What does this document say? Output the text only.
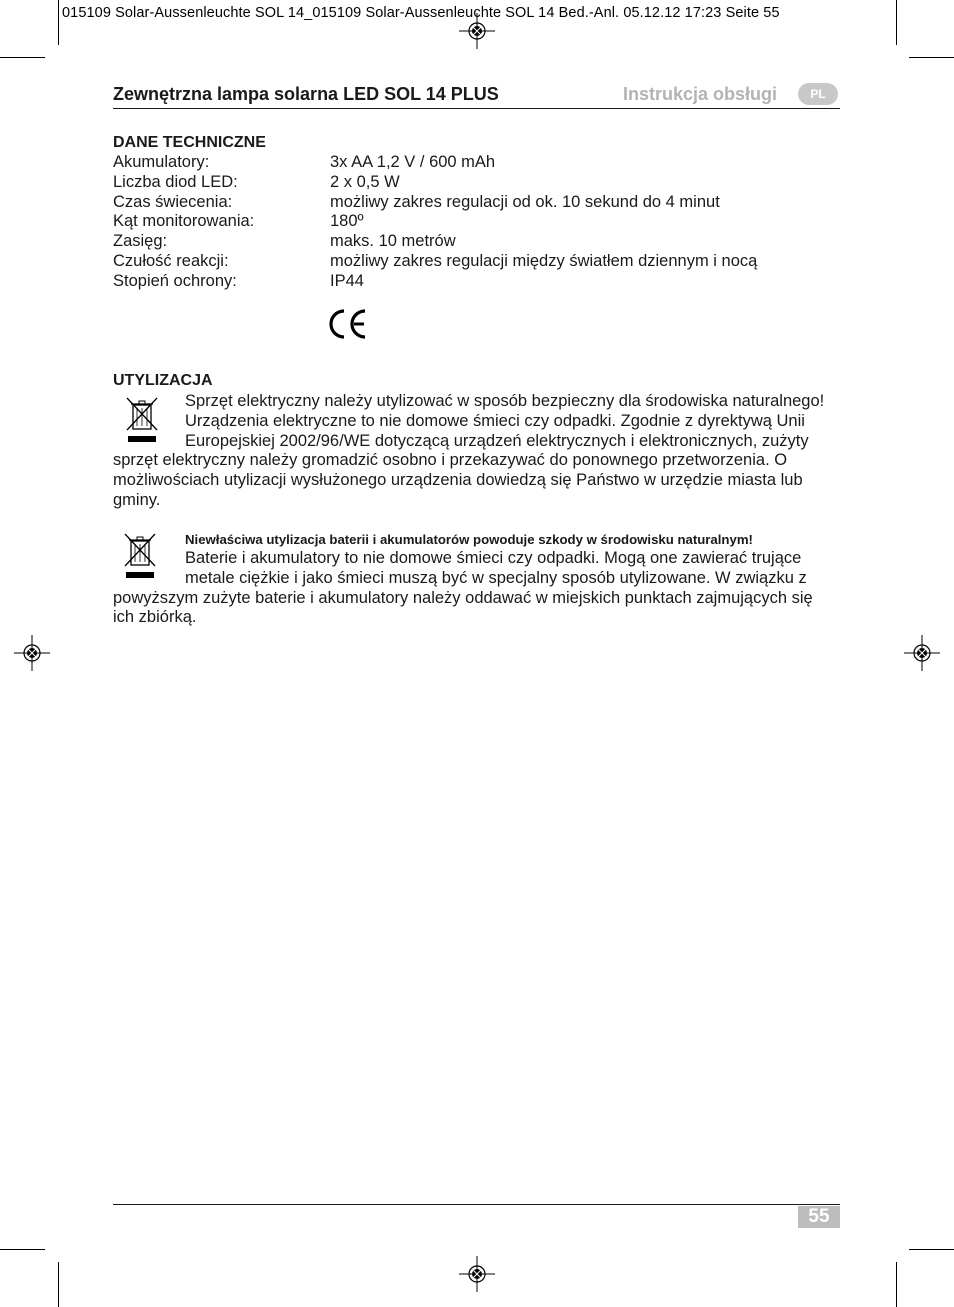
015109 Solar-Aussenleuchte SOL 14_015109 Solar-Aussenleuchte SOL 14 Bed.-Anl. 05.12.12 17:23 Seite 55
Zewnętrzna lampa solarna LED SOL 14 PLUS	Instrukcja obsługi	PL
DANE TECHNICZNE
Akumulatory:	3x AA 1,2 V / 600 mAh
Liczba diod LED:	2 x 0,5 W
Czas świecenia:	możliwy zakres regulacji od ok. 10 sekund do 4 minut
Kąt monitorowania:	180º
Zasięg:	maks. 10 metrów
Czułość reakcji:	możliwy zakres regulacji między światłem dziennym i nocą
Stopień ochrony:	IP44
UTYLIZACJA
Sprzęt elektryczny należy utylizować w sposób bezpieczny dla środowiska naturalnego!
Urządzenia elektryczne to nie domowe śmieci czy odpadki. Zgodnie z dyrektywą Unii
Europejskiej 2002/96/WE dotyczącą urządzeń elektrycznych i elektronicznych, zużyty
sprzęt elektryczny należy gromadzić osobno i przekazywać do ponownego przetworzenia. O
możliwościach utylizacji wysłużonego urządzenia dowiedzą się Państwo w urzędzie miasta lub
gminy.
Niewłaściwa utylizacja baterii i akumulatorów powoduje szkody w środowisku naturalnym!
Baterie i akumulatory to nie domowe śmieci czy odpadki. Mogą one zawierać trujące
metale ciężkie i jako śmieci muszą być w specjalny sposób utylizowane. W związku z
powyższym zużyte baterie i akumulatory należy oddawać w miejskich punktach zajmujących się
ich zbiórką.
55
